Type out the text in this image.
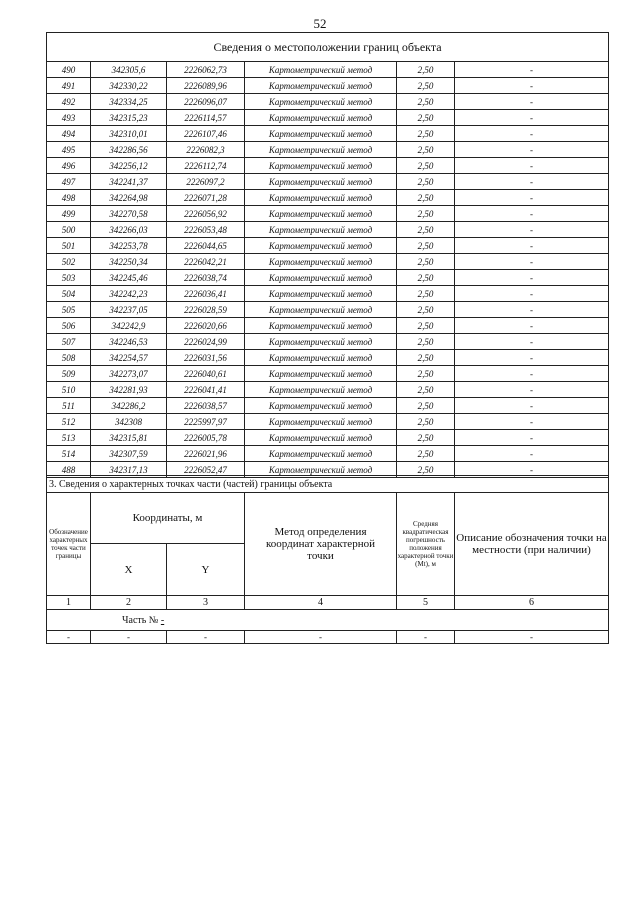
52
Сведения о местоположении границ объекта					
490	342305,6	2226062,73	Картометрический метод	2,50	-
491	342330,22	2226089,96	Картометрический метод	2,50	-
492	342334,25	2226096,07	Картометрический метод	2,50	-
493	342315,23	2226114,57	Картометрический метод	2,50	-
494	342310,01	2226107,46	Картометрический метод	2,50	-
495	342286,56	2226082,3	Картометрический метод	2,50	-
496	342256,12	2226112,74	Картометрический метод	2,50	-
497	342241,37	2226097,2	Картометрический метод	2,50	-
498	342264,98	2226071,28	Картометрический метод	2,50	-
499	342270,58	2226056,92	Картометрический метод	2,50	-
500	342266,03	2226053,48	Картометрический метод	2,50	-
501	342253,78	2226044,65	Картометрический метод	2,50	-
502	342250,34	2226042,21	Картометрический метод	2,50	-
503	342245,46	2226038,74	Картометрический метод	2,50	-
504	342242,23	2226036,41	Картометрический метод	2,50	-
505	342237,05	2226028,59	Картометрический метод	2,50	-
506	342242,9	2226020,66	Картометрический метод	2,50	-
507	342246,53	2226024,99	Картометрический метод	2,50	-
508	342254,57	2226031,56	Картометрический метод	2,50	-
509	342273,07	2226040,61	Картометрический метод	2,50	-
510	342281,93	2226041,41	Картометрический метод	2,50	-
511	342286,2	2226038,57	Картометрический метод	2,50	-
512	342308	2225997,97	Картометрический метод	2,50	-
513	342315,81	2226005,78	Картометрический метод	2,50	-
514	342307,59	2226021,96	Картометрический метод	2,50	-
488	342317,13	2226052,47	Картометрический метод	2,50	-
3. Сведения о характерных точках части (частей) границы объекта					

Обозначение характерных точек части границы	Координаты, м		Метод определения координат характерной точки	Средняя квадратическая погрешность положения характерной точки (Мt), м	Описание обозначения точки на местности (при наличии)

	X	Y			

1	2	3	4	5	6
Часть № -					
-	-	-	-	-	-
